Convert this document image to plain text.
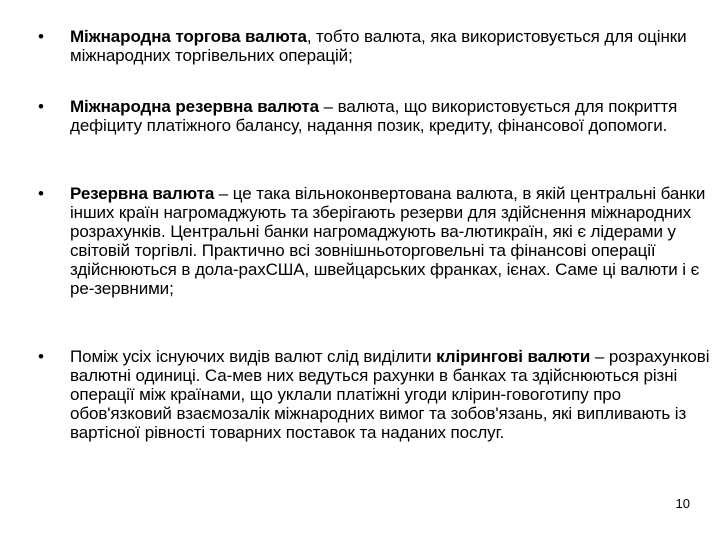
• Міжнародна торгова валюта, тобто валюта, яка використовується для оцінки міжнародних торгівельних операцій;
• Міжнародна резервна валюта – валюта, що використовується для покриття дефіциту платіжного балансу, надання позик, кредиту, фінансової допомоги.
• Резервна валюта – це така вільноконвертована валюта, в якій центральні банки інших країн нагромаджують та зберігають резерви для здійснення міжнародних розрахунків. Центральні банки нагромаджують ва-лютикраїн, які є лідерами у світовій торгівлі. Практично всі зовнішньоторговельні та фінансові операції здійснюються в дола-рахСША, швейцарських франках, ієнах. Саме ці валюти і є ре-зервними;
• Поміж усіх існуючих видів валют слід виділити клірингові валюти – розрахункові валютні одиниці. Са-мев них ведуться рахунки в банках та здійснюються різні операції між країнами, що уклали платіжні угоди клірин-говоготипу про обов'язковий взаємозалік міжнародних вимог та зобов'язань, які випливають із вартісної рівності товарних поставок та наданих послуг.
10
